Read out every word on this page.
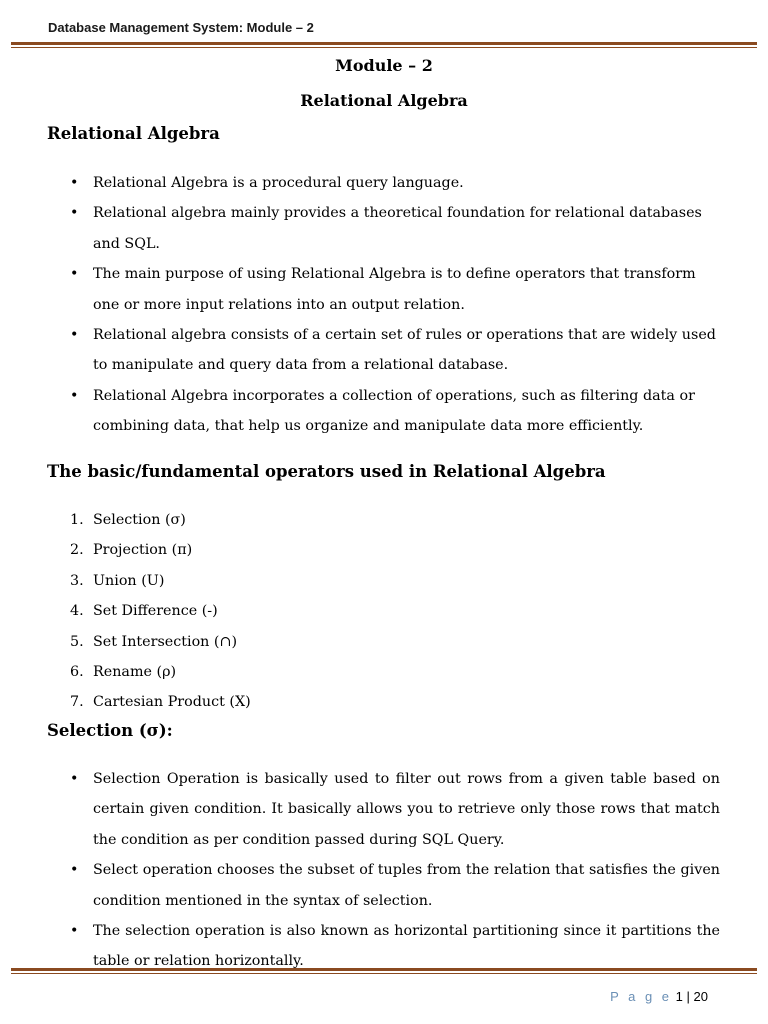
Database Management System: Module – 2
Module – 2
Relational Algebra
Relational Algebra
• Relational Algebra is a procedural query language.
• Relational algebra mainly provides a theoretical foundation for relational databases and SQL.
• The main purpose of using Relational Algebra is to define operators that transform one or more input relations into an output relation.
• Relational algebra consists of a certain set of rules or operations that are widely used to manipulate and query data from a relational database.
• Relational Algebra incorporates a collection of operations, such as filtering data or combining data, that help us organize and manipulate data more efficiently.
The basic/fundamental operators used in Relational Algebra
1. Selection (σ)
2. Projection (π)
3. Union (U)
4. Set Difference (-)
5. Set Intersection (∩)
6. Rename (ρ)
7. Cartesian Product (X)
Selection (σ):
• Selection Operation is basically used to filter out rows from a given table based on certain given condition. It basically allows you to retrieve only those rows that match the condition as per condition passed during SQL Query.
• Select operation chooses the subset of tuples from the relation that satisfies the given condition mentioned in the syntax of selection.
• The selection operation is also known as horizontal partitioning since it partitions the table or relation horizontally.
P a g e 1 | 20
